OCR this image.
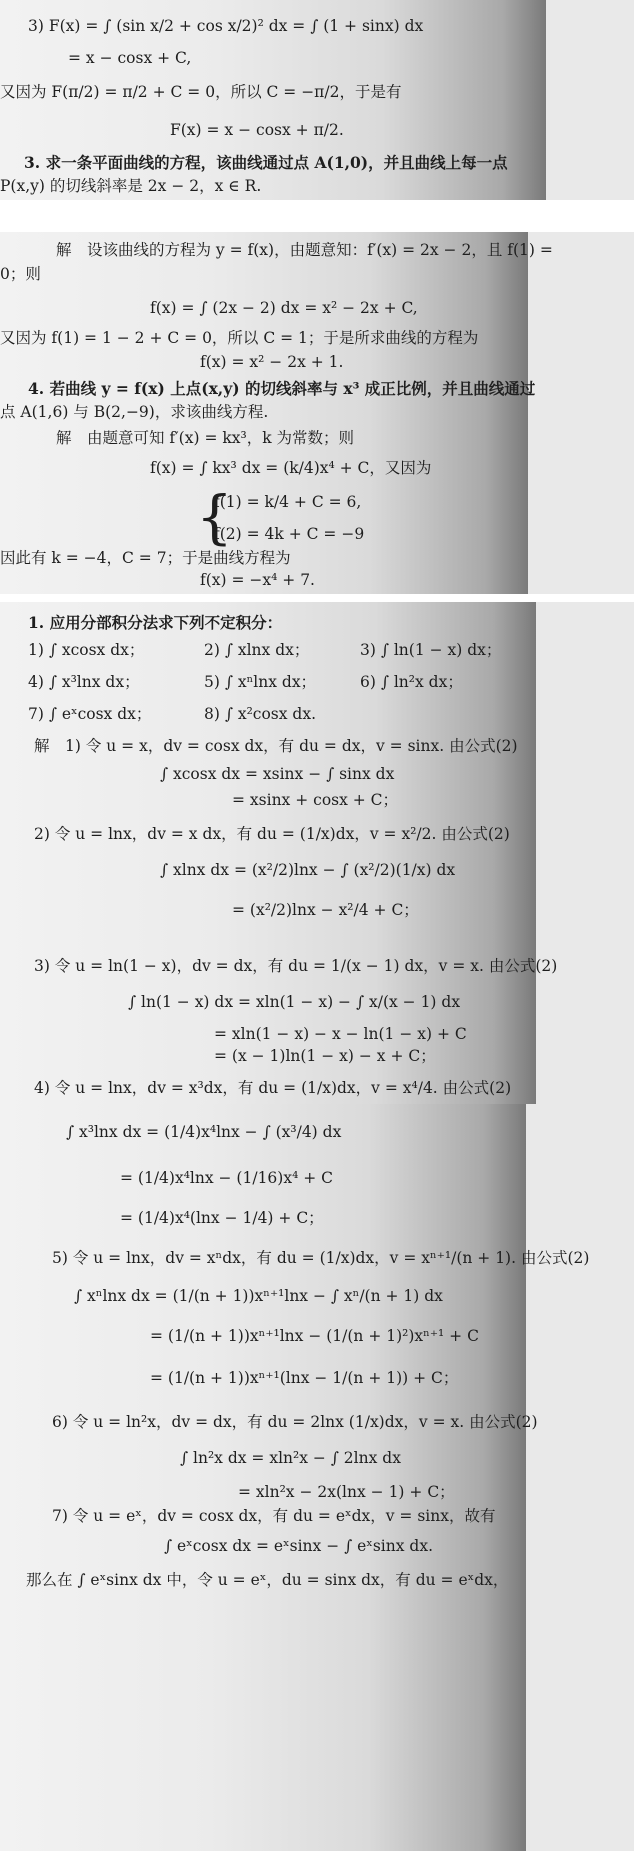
3) F(x) = ∫ (sin x/2 + cos x/2)² dx = ∫ (1 + sinx) dx
= x − cosx + C,
又因为 F(π/2) = π/2 + C = 0，所以 C = −π/2，于是有
F(x) = x − cosx + π/2.
3. 求一条平面曲线的方程，该曲线通过点 A(1,0)，并且曲线上每一点
P(x,y) 的切线斜率是 2x − 2，x ∈ R.
解　设该曲线的方程为 y = f(x)，由题意知：f′(x) = 2x − 2，且 f(1) =
0；则
f(x) = ∫ (2x − 2) dx = x² − 2x + C,
又因为 f(1) = 1 − 2 + C = 0，所以 C = 1；于是所求曲线的方程为
f(x) = x² − 2x + 1.
4. 若曲线 y = f(x) 上点(x,y) 的切线斜率与 x³ 成正比例，并且曲线通过
点 A(1,6) 与 B(2,−9)，求该曲线方程.
解　由题意可知 f′(x) = kx³，k 为常数；则
f(x) = ∫ kx³ dx = (k/4)x⁴ + C，又因为
{
f(1) = k/4 + C = 6,
f(2) = 4k + C = −9
因此有 k = −4，C = 7；于是曲线方程为
f(x) = −x⁴ + 7.
1. 应用分部积分法求下列不定积分：
1) ∫ xcosx dx；	2) ∫ xlnx dx；	3) ∫ ln(1 − x) dx；
4) ∫ x³lnx dx；	5) ∫ xⁿlnx dx；	6) ∫ ln²x dx；
7) ∫ eˣcosx dx；	8) ∫ x²cosx dx.
解　1) 令 u = x，dv = cosx dx，有 du = dx，v = sinx. 由公式(2)
∫ xcosx dx = xsinx − ∫ sinx dx
= xsinx + cosx + C；
2) 令 u = lnx，dv = x dx，有 du = (1/x)dx，v = x²/2. 由公式(2)
∫ xlnx dx = (x²/2)lnx − ∫ (x²/2)(1/x) dx
= (x²/2)lnx − x²/4 + C；
3) 令 u = ln(1 − x)，dv = dx，有 du = 1/(x − 1) dx，v = x. 由公式(2)
∫ ln(1 − x) dx = xln(1 − x) − ∫ x/(x − 1) dx
= xln(1 − x) − x − ln(1 − x) + C
= (x − 1)ln(1 − x) − x + C；
4) 令 u = lnx，dv = x³dx，有 du = (1/x)dx，v = x⁴/4. 由公式(2)
∫ x³lnx dx = (1/4)x⁴lnx − ∫ (x³/4) dx
= (1/4)x⁴lnx − (1/16)x⁴ + C
= (1/4)x⁴(lnx − 1/4) + C；
5) 令 u = lnx，dv = xⁿdx，有 du = (1/x)dx，v = xⁿ⁺¹/(n + 1). 由公式(2)
∫ xⁿlnx dx = (1/(n + 1))xⁿ⁺¹lnx − ∫ xⁿ/(n + 1) dx
= (1/(n + 1))xⁿ⁺¹lnx − (1/(n + 1)²)xⁿ⁺¹ + C
= (1/(n + 1))xⁿ⁺¹(lnx − 1/(n + 1)) + C；
6) 令 u = ln²x，dv = dx，有 du = 2lnx (1/x)dx，v = x. 由公式(2)
∫ ln²x dx = xln²x − ∫ 2lnx dx
= xln²x − 2x(lnx − 1) + C；
7) 令 u = eˣ，dv = cosx dx，有 du = eˣdx，v = sinx，故有
∫ eˣcosx dx = eˣsinx − ∫ eˣsinx dx.
那么在 ∫ eˣsinx dx 中，令 u = eˣ，du = sinx dx，有 du = eˣdx，
